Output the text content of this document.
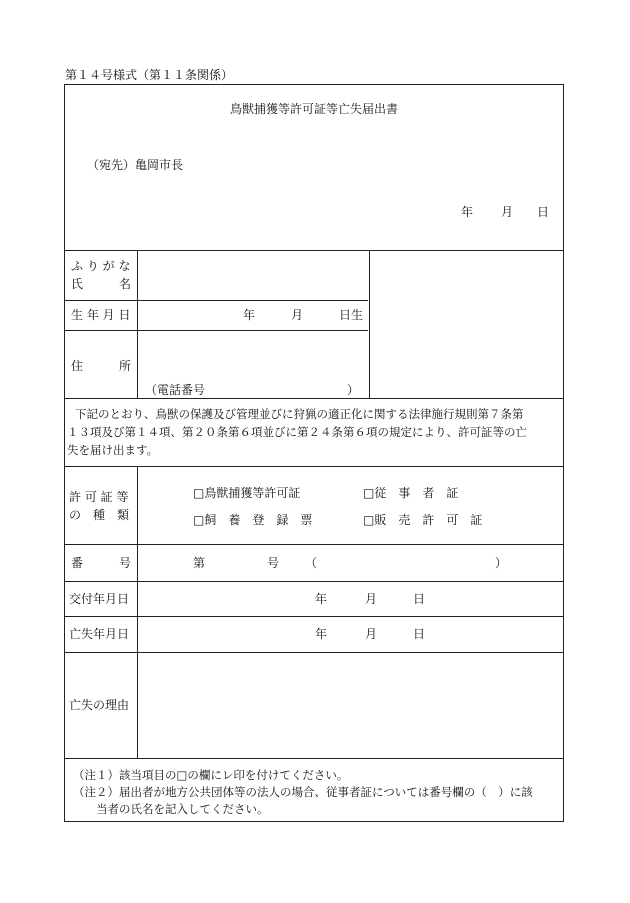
第１４号様式（第１１条関係）
鳥獣捕獲等許可証等亡失届出書
（宛先）亀岡市長
年 月 日
ふ り が な
氏	名
生 年 月 日	年	月	日生
住	所
（電話番号	）
下記のとおり、鳥獣の保護及び管理並びに狩猟の適正化に関する法律施行規則第７条第
１３項及び第１４項、第２０条第６項並びに第２４条第６項の規定により、許可証等の亡
失を届け出ます。
許 可 証 等
の　種　類
□鳥獣捕獲等許可証	□従　事　者　証
□飼　養　登　録　票	□販　売　許　可　証
番	号	第	号 （	）
交付年月日	年	月	日
亡失年月日	年	月	日
亡失の理由
（注１）該当項目の□の欄にレ印を付けてください。
（注２）届出者が地方公共団体等の法人の場合、従事者証については番号欄の（　）に該
当者の氏名を記入してください。
